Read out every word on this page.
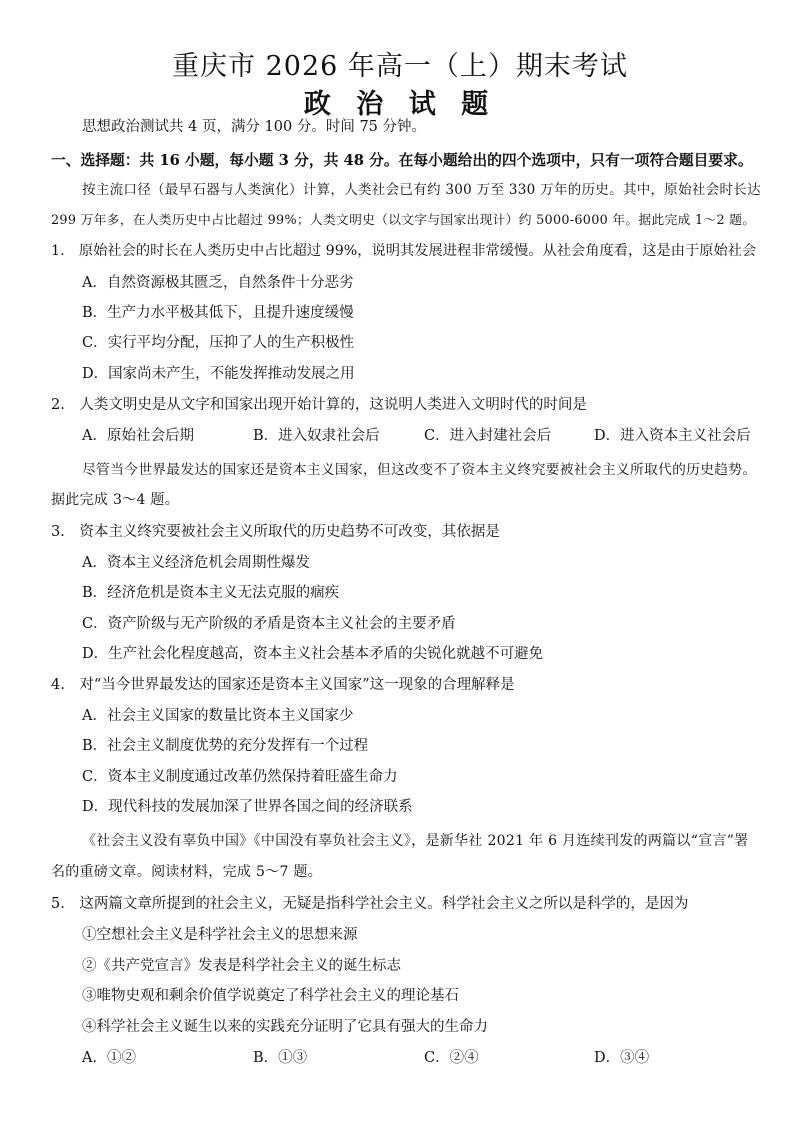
重庆市 2026 年高一（上）期末考试
政 治 试 题
思想政治测试共 4 页，满分 100 分。时间 75 分钟。
一、选择题：共 16 小题，每小题 3 分，共 48 分。在每小题给出的四个选项中，只有一项符合题目要求。
按主流口径（最早石器与人类演化）计算，人类社会已有约 300 万至 330 万年的历史。其中，原始社会时长达
299 万年多，在人类历史中占比超过 99%；人类文明史（以文字与国家出现计）约 5000-6000 年。据此完成 1～2 题。
1.　原始社会的时长在人类历史中占比超过 99%，说明其发展进程非常缓慢。从社会角度看，这是由于原始社会
A．自然资源极其匮乏，自然条件十分恶劣
B．生产力水平极其低下，且提升速度缓慢
C．实行平均分配，压抑了人的生产积极性
D．国家尚未产生，不能发挥推动发展之用
2.　人类文明史是从文字和国家出现开始计算的，这说明人类进入文明时代的时间是
A．原始社会后期	B．进入奴隶社会后	C．进入封建社会后	D．进入资本主义社会后
尽管当今世界最发达的国家还是资本主义国家，但这改变不了资本主义终究要被社会主义所取代的历史趋势。
据此完成 3～4 题。
3.　资本主义终究要被社会主义所取代的历史趋势不可改变，其依据是
A．资本主义经济危机会周期性爆发
B．经济危机是资本主义无法克服的痼疾
C．资产阶级与无产阶级的矛盾是资本主义社会的主要矛盾
D．生产社会化程度越高，资本主义社会基本矛盾的尖锐化就越不可避免
4.　对“当今世界最发达的国家还是资本主义国家”这一现象的合理解释是
A．社会主义国家的数量比资本主义国家少
B．社会主义制度优势的充分发挥有一个过程
C．资本主义制度通过改革仍然保持着旺盛生命力
D．现代科技的发展加深了世界各国之间的经济联系
《社会主义没有辜负中国》《中国没有辜负社会主义》，是新华社 2021 年 6 月连续刊发的两篇以“宣言”署
名的重磅文章。阅读材料，完成 5～7 题。
5.　这两篇文章所提到的社会主义，无疑是指科学社会主义。科学社会主义之所以是科学的，是因为
①空想社会主义是科学社会主义的思想来源
②《共产党宣言》发表是科学社会主义的诞生标志
③唯物史观和剩余价值学说奠定了科学社会主义的理论基石
④科学社会主义诞生以来的实践充分证明了它具有强大的生命力
A．①②	B．①③	C．②④	D．③④
